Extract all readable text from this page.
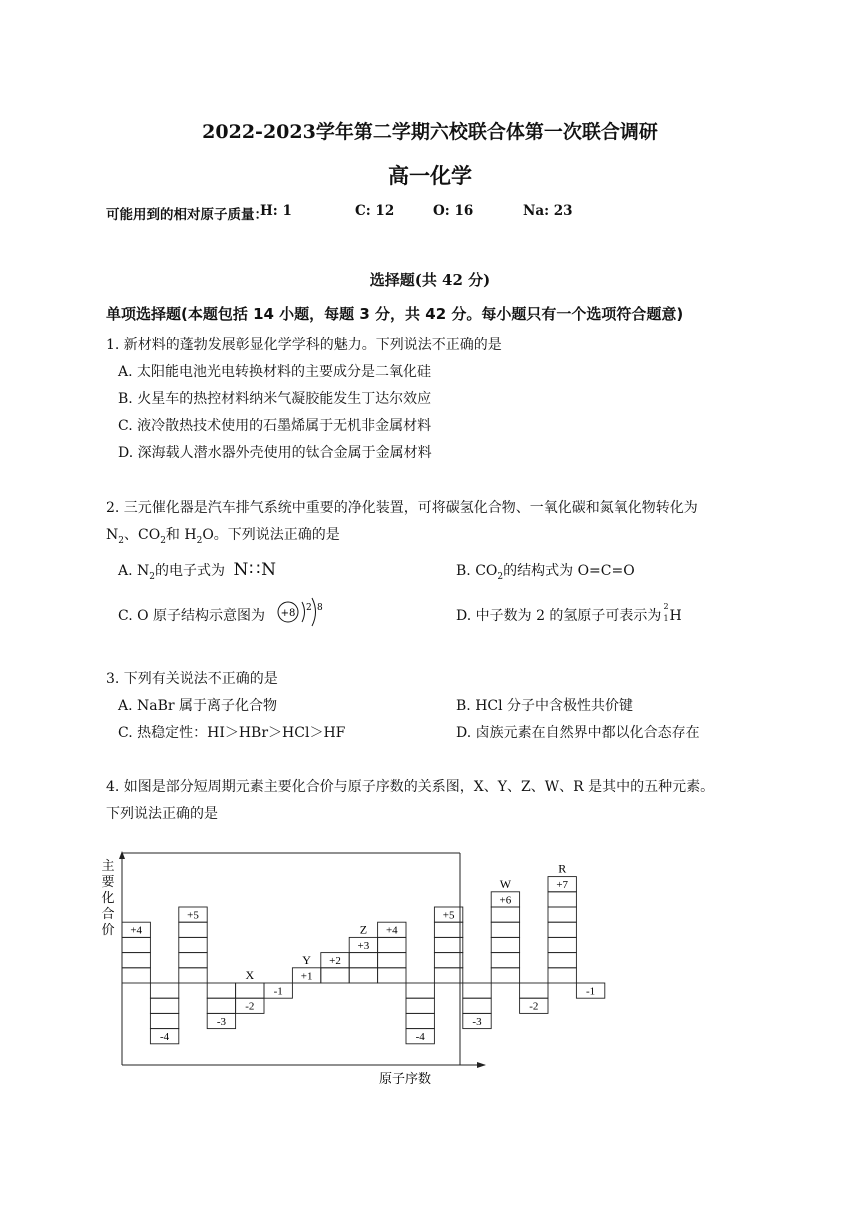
2022-2023学年第二学期六校联合体第一次联合调研
高一化学
可能用到的相对原子质量：
H: 1	C: 12	O: 16	Na: 23
选择题(共 42 分)
单项选择题(本题包括 14 小题，每题 3 分，共 42 分。每小题只有一个选项符合题意)
1. 新材料的蓬勃发展彰显化学学科的魅力。下列说法不正确的是
A. 太阳能电池光电转换材料的主要成分是二氧化硅
B. 火星车的热控材料纳米气凝胶能发生丁达尔效应
C. 液冷散热技术使用的石墨烯属于无机非金属材料
D. 深海载人潜水器外壳使用的钛合金属于金属材料
2. 三元催化器是汽车排气系统中重要的净化装置，可将碳氢化合物、一氧化碳和氮氧化物转化为
$N_2$、$CO_2$和 $H_2O$。下列说法正确的是
A. $N_2$的电子式为 N∷N	B. $CO_2$的结构式为 O=C=O
C. O 原子结构示意图为 +8 2 8	D. 中子数为 2 的氢原子可表示为
2
1 H
3. 下列有关说法不正确的是
A. NaBr 属于离子化合物	B. HCl 分子中含极性共价键
C. 热稳定性：HI＞HBr＞HCl＞HF	D. 卤族元素在自然界中都以化合态存在
4. 如图是部分短周期元素主要化合价与原子序数的关系图，X、Y、Z、W、R 是其中的五种元素。
下列说法正确的是
主
要
化
合
价
原子序数
+4
-4
+5
-3
-2
X
-1
+1
Y +2
+3
Z +4
-4
+5
-3
+6
W
-2
+7
R
-1
